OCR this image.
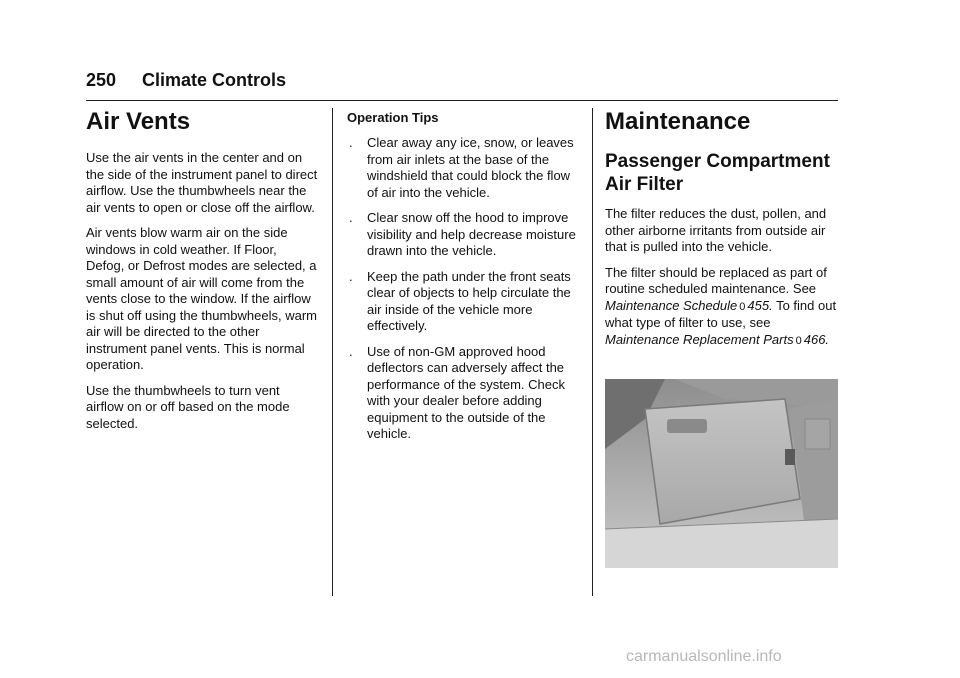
250 Climate Controls
Air Vents

Use the air vents in the center and on the side of the instrument panel to direct airflow. Use the thumbwheels near the air vents to open or close off the airflow.

Air vents blow warm air on the side windows in cold weather. If Floor, Defog, or Defrost modes are selected, a small amount of air will come from the vents close to the window. If the airflow is shut off using the thumbwheels, warm air will be directed to the other instrument panel vents. This is normal operation.

Use the thumbwheels to turn vent airflow on or off based on the mode selected.

Operation Tips
. Clear away any ice, snow, or leaves from air inlets at the base of the windshield that could block the flow of air into the vehicle.
. Clear snow off the hood to improve visibility and help decrease moisture drawn into the vehicle.
. Keep the path under the front seats clear of objects to help circulate the air inside of the vehicle more effectively.
. Use of non-GM approved hood deflectors can adversely affect the performance of the system. Check with your dealer before adding equipment to the outside of the vehicle.
Maintenance
Passenger Compartment
Air Filter

The filter reduces the dust, pollen, and other airborne irritants from outside air that is pulled into the vehicle.

The filter should be replaced as part of routine scheduled maintenance. See Maintenance Schedule 0 455. To find out what type of filter to use, see Maintenance Replacement Parts 0 466.

carmanualsonline.info
